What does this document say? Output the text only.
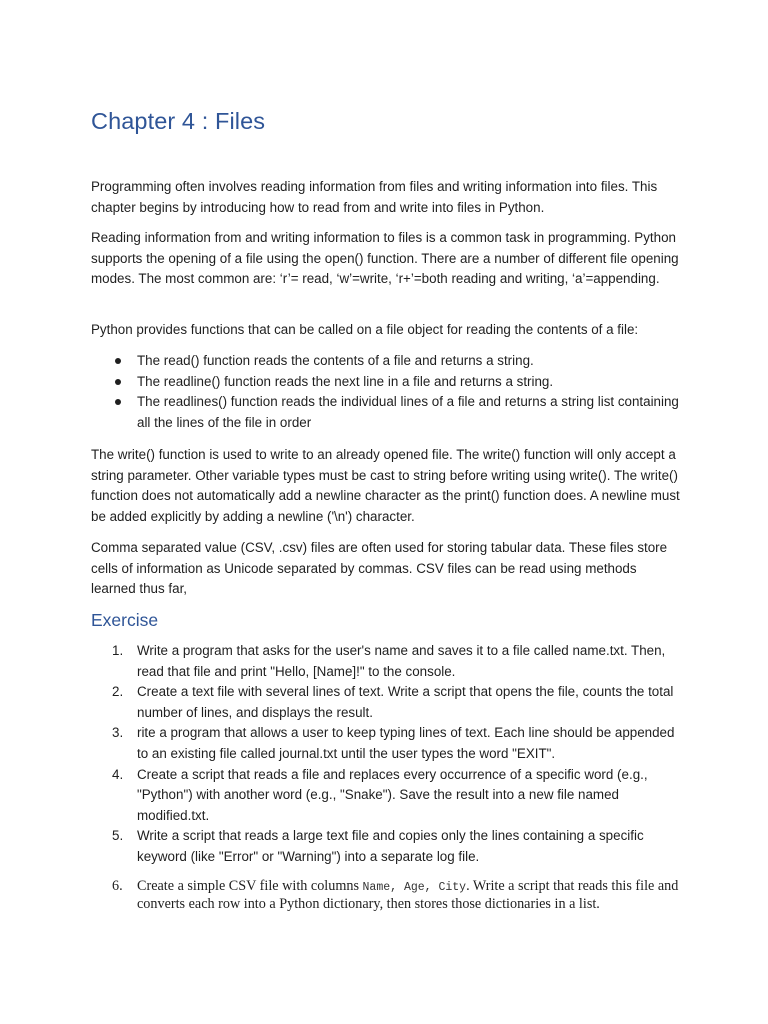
Chapter 4 : Files

Programming often involves reading information from files and writing information into files. This chapter begins by introducing how to read from and write into files in Python.

Reading information from and writing information to files is a common task in programming. Python supports the opening of a file using the open() function. There are a number of different file opening modes. The most common are: ‘r’= read, ‘w’=write, ‘r+’=both reading and writing, ‘a’=appending.

Python provides functions that can be called on a file object for reading the contents of a file:

The read() function reads the contents of a file and returns a string.
The readline() function reads the next line in a file and returns a string.
The readlines() function reads the individual lines of a file and returns a string list containing all the lines of the file in order

The write() function is used to write to an already opened file. The write() function will only accept a string parameter. Other variable types must be cast to string before writing using write(). The write() function does not automatically add a newline character as the print() function does. A newline must be added explicitly by adding a newline ('\n') character.

Comma separated value (CSV, .csv) files are often used for storing tabular data. These files store cells of information as Unicode separated by commas. CSV files can be read using methods learned thus far,

Exercise
1. Write a program that asks for the user's name and saves it to a file called name.txt. Then, read that file and print "Hello, [Name]!" to the console.
2. Create a text file with several lines of text. Write a script that opens the file, counts the total number of lines, and displays the result.
3. rite a program that allows a user to keep typing lines of text. Each line should be appended to an existing file called journal.txt until the user types the word "EXIT".
4. Create a script that reads a file and replaces every occurrence of a specific word (e.g., "Python") with another word (e.g., "Snake"). Save the result into a new file named modified.txt.
5. Write a script that reads a large text file and copies only the lines containing a specific keyword (like "Error" or "Warning") into a separate log file.
6. Create a simple CSV file with columns Name, Age, City. Write a script that reads this file and converts each row into a Python dictionary, then stores those dictionaries in a list.
